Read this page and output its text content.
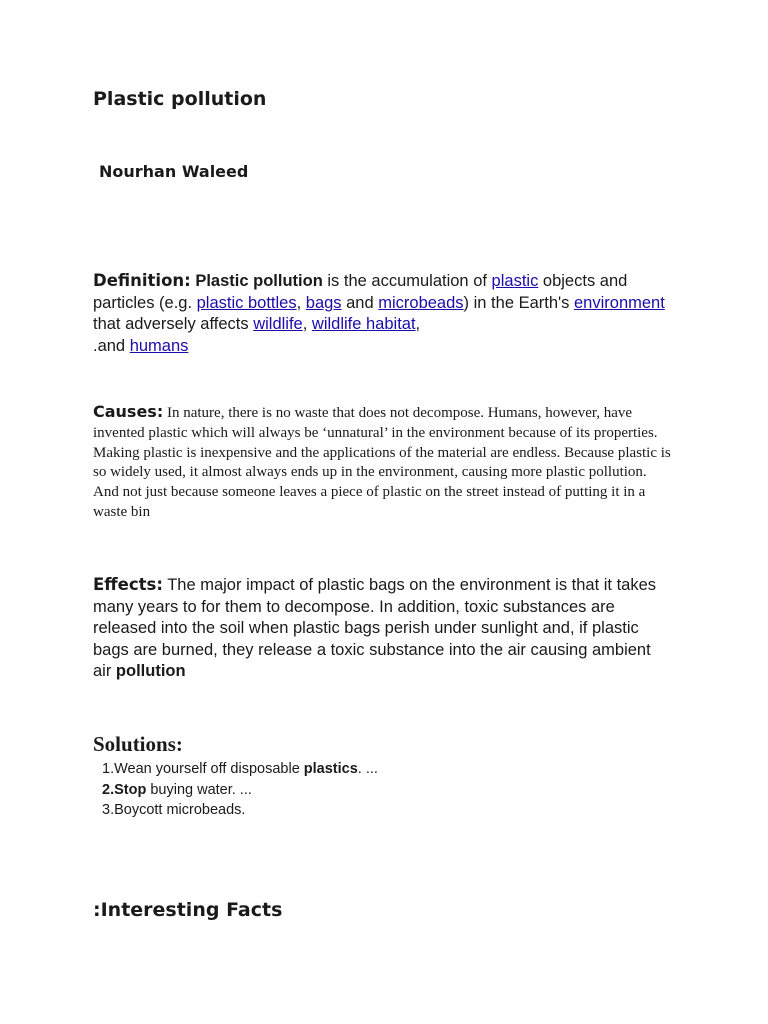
Plastic pollution
Nourhan Waleed
Definition: Plastic pollution is the accumulation of plastic objects and particles (e.g. plastic bottles, bags and microbeads) in the Earth's environment that adversely affects wildlife, wildlife habitat,
.and humans
Causes: In nature, there is no waste that does not decompose. Humans, however, have invented plastic which will always be ‘unnatural’ in the environment because of its properties. Making plastic is inexpensive and the applications of the material are endless. Because plastic is so widely used, it almost always ends up in the environment, causing more plastic pollution. And not just because someone leaves a piece of plastic on the street instead of putting it in a waste bin
Effects: The major impact of plastic bags on the environment is that it takes many years to for them to decompose. In addition, toxic substances are released into the soil when plastic bags perish under sunlight and, if plastic bags are burned, they release a toxic substance into the air causing ambient air pollution
Solutions:
1.Wean yourself off disposable plastics. ...
2.Stop buying water. ...
3.Boycott microbeads.
:Interesting Facts
